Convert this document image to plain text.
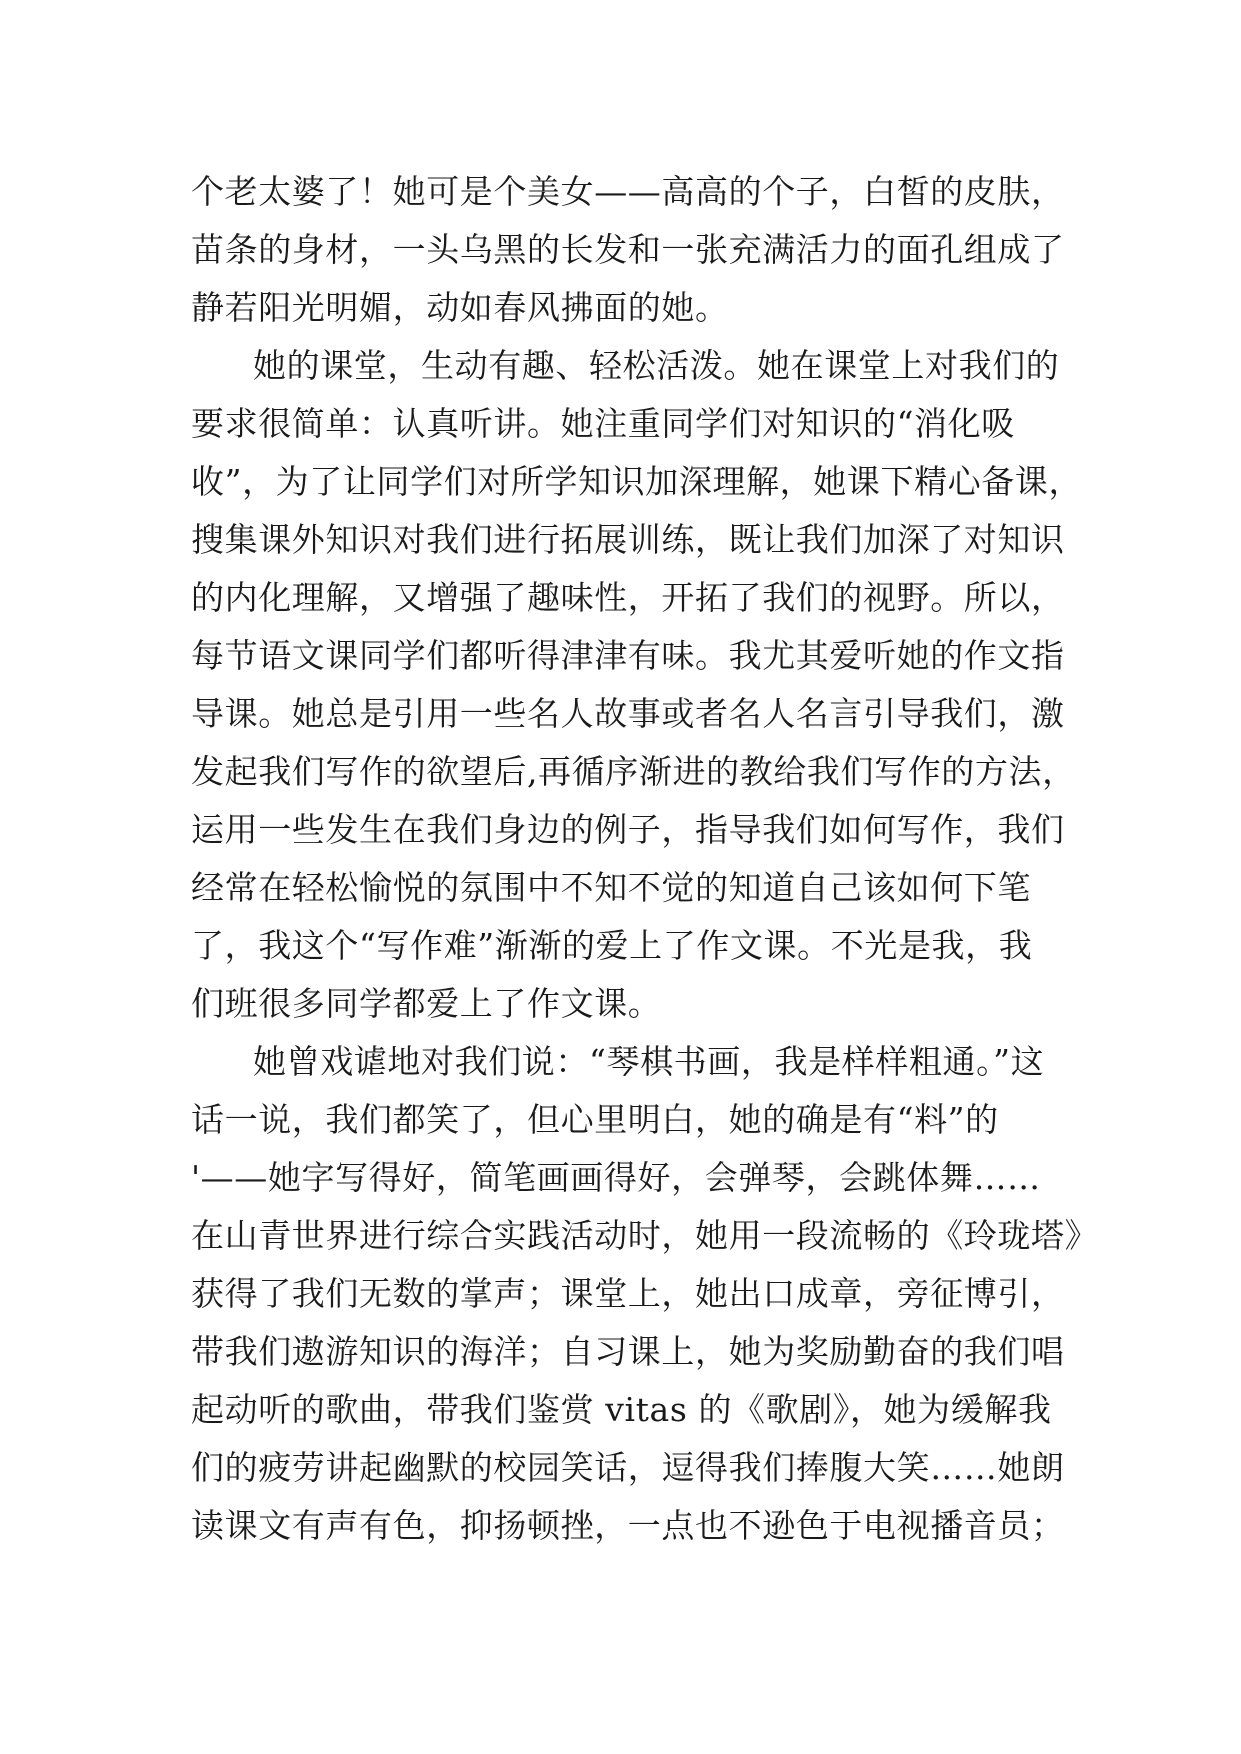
个老太婆了！她可是个美女——高高的个子，白皙的皮肤，
苗条的身材，一头乌黑的长发和一张充满活力的面孔组成了
静若阳光明媚，动如春风拂面的她。
她的课堂，生动有趣、轻松活泼。她在课堂上对我们的
要求很简单：认真听讲。她注重同学们对知识的“消化吸
收”，为了让同学们对所学知识加深理解，她课下精心备课，
搜集课外知识对我们进行拓展训练，既让我们加深了对知识
的内化理解，又增强了趣味性，开拓了我们的视野。所以，
每节语文课同学们都听得津津有味。我尤其爱听她的作文指
导课。她总是引用一些名人故事或者名人名言引导我们，激
发起我们写作的欲望后,再循序渐进的教给我们写作的方法，
运用一些发生在我们身边的例子，指导我们如何写作，我们
经常在轻松愉悦的氛围中不知不觉的知道自己该如何下笔
了，我这个“写作难”渐渐的爱上了作文课。不光是我，我
们班很多同学都爱上了作文课。
她曾戏谑地对我们说：“琴棋书画，我是样样粗通。”这
话一说，我们都笑了，但心里明白，她的确是有“料”的
'——她字写得好，简笔画画得好，会弹琴，会跳体舞……
在山青世界进行综合实践活动时，她用一段流畅的《玲珑塔》
获得了我们无数的掌声；课堂上，她出口成章，旁征博引，
带我们遨游知识的海洋；自习课上，她为奖励勤奋的我们唱
起动听的歌曲，带我们鉴赏 vitas 的《歌剧》，她为缓解我
们的疲劳讲起幽默的校园笑话，逗得我们捧腹大笑……她朗
读课文有声有色，抑扬顿挫，一点也不逊色于电视播音员；
